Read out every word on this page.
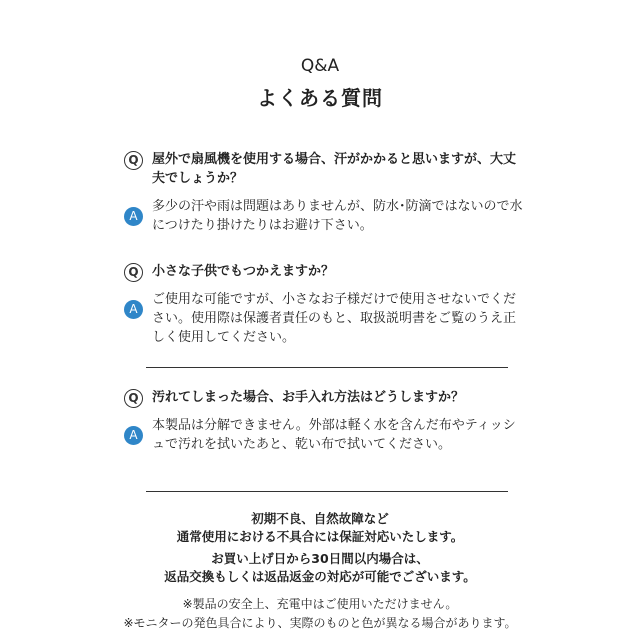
Q&A
よくある質問
Q	屋外で扇風機を使用する場合、汗がかかると思いますが、大丈夫でしょうか？
A
多少の汗や雨は問題はありませんが、防水･防滴ではないので水につけたり掛けたりはお避け下さい。
Q	小さな子供でもつかえますか？
A
ご使用な可能ですが、小さなお子様だけで使用させないでください。使用際は保護者責任のもと、取扱説明書をご覧のうえ正しく使用してください。
Q	汚れてしまった場合、お手入れ方法はどうしますか？
A
本製品は分解できません。外部は軽く水を含んだ布やティッシュで汚れを拭いたあと、乾い布で拭いてください。
初期不良、自然故障など
通常使用における不具合には保証対応いたします。
お買い上げ日から30日間以内場合は、
返品交換もしくは返品返金の対応が可能でございます。
※製品の安全上、充電中はご使用いただけません。
※モニターの発色具合により、実際のものと色が異なる場合があります。
